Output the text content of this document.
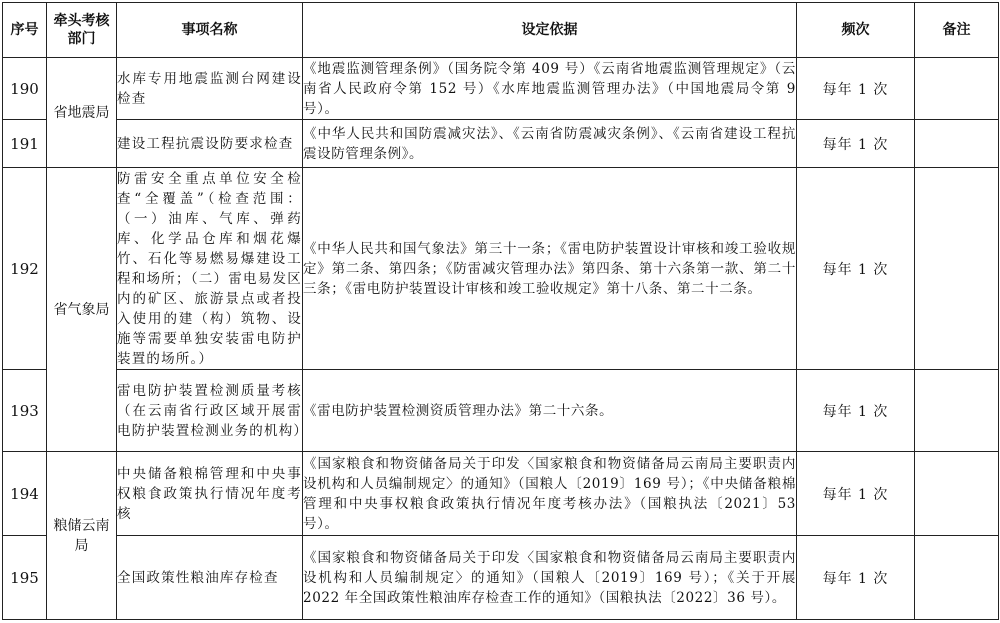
序号	牵头考核部门	事项名称	设定依据	频次	备注
190	省地震局	水库专用地震监测台网建设检查	《地震监测管理条例》（国务院令第 409 号）《云南省地震监测管理规定》（云南省人民政府令第 152 号）《水库地震监测管理办法》（中国地震局令第 9 号）。	每年 1 次	
191		建设工程抗震设防要求检查	《中华人民共和国防震减灾法》、《云南省防震减灾条例》、《云南省建设工程抗震设防管理条例》。	每年 1 次	
192	省气象局	防雷安全重点单位安全检查“全覆盖”（检查范围：（一）油库、气库、弹药库、化学品仓库和烟花爆竹、石化等易燃易爆建设工程和场所；（二）雷电易发区内的矿区、旅游景点或者投入使用的建（构）筑物、设施等需要单独安装雷电防护装置的场所。）	《中华人民共和国气象法》第三十一条；《雷电防护装置设计审核和竣工验收规定》第二条、第四条；《防雷减灾管理办法》第四条、第十六条第一款、第二十三条；《雷电防护装置设计审核和竣工验收规定》第十八条、第二十二条。	每年 1 次	
193		雷电防护装置检测质量考核（在云南省行政区域开展雷电防护装置检测业务的机构）	《雷电防护装置检测资质管理办法》第二十六条。	每年 1 次	
194	粮储云南局	中央储备粮棉管理和中央事权粮食政策执行情况年度考核	《国家粮食和物资储备局关于印发〈国家粮食和物资储备局云南局主要职责内设机构和人员编制规定〉的通知》（国粮人〔2019〕169 号）；《中央储备粮棉管理和中央事权粮食政策执行情况年度考核办法》（国粮执法〔2021〕53 号）。	每年 1 次	
195		全国政策性粮油库存检查	《国家粮食和物资储备局关于印发〈国家粮食和物资储备局云南局主要职责内设机构和人员编制规定〉的通知》（国粮人〔2019〕169 号）；《关于开展 2022 年全国政策性粮油库存检查工作的通知》（国粮执法〔2022〕36 号）。	每年 1 次	
